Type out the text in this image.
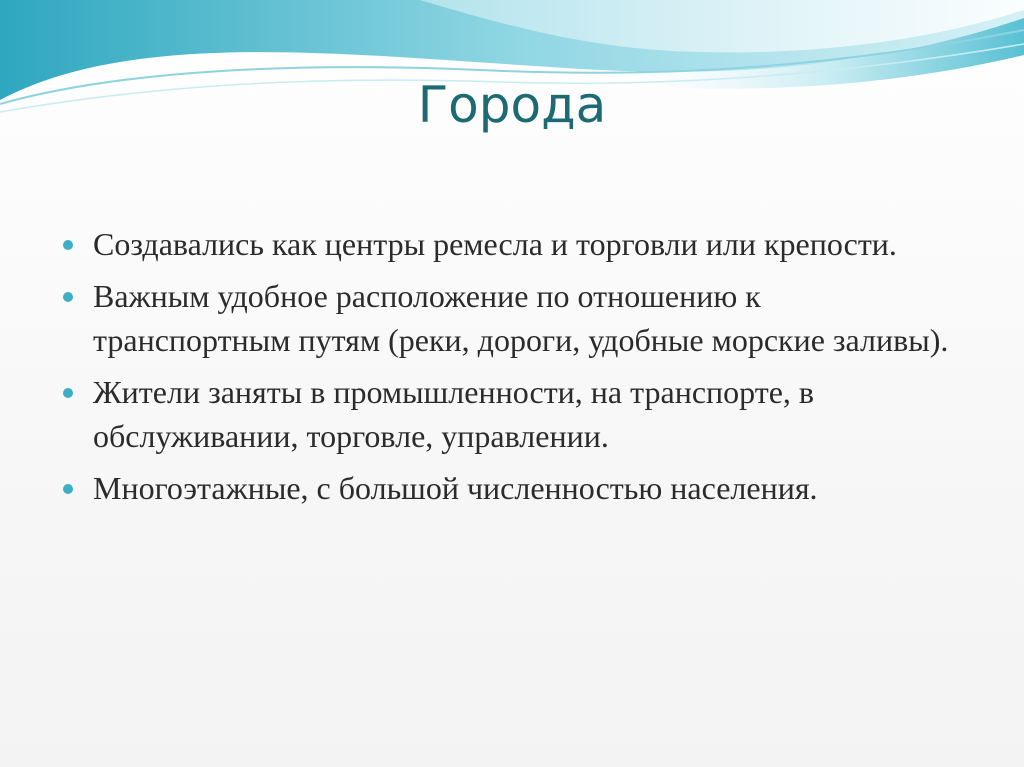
Города
Создавались как центры ремесла и торговли или крепости.
Важным удобное расположение по отношению к транспортным путям (реки, дороги, удобные морские заливы).
Жители заняты в промышленности, на транспорте, в обслуживании, торговле, управлении.
Многоэтажные, с большой численностью населения.
